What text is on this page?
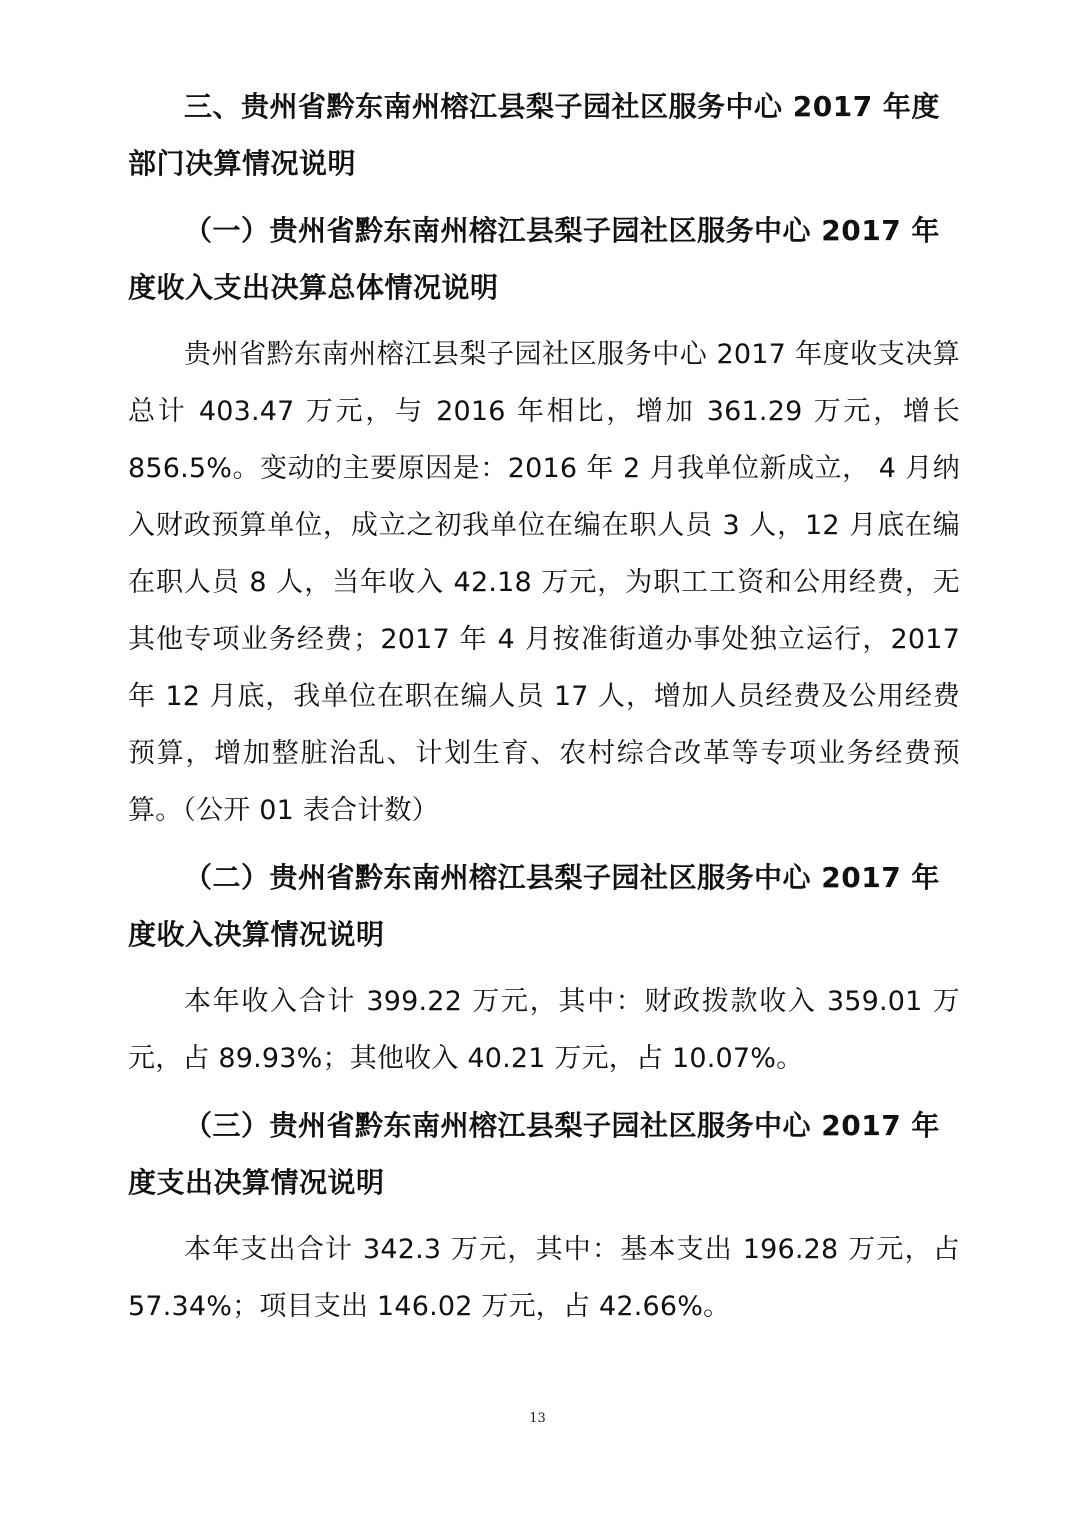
三、贵州省黔东南州榕江县梨子园社区服务中心 2017 年度部门决算情况说明

（一）贵州省黔东南州榕江县梨子园社区服务中心 2017 年度收入支出决算总体情况说明

贵州省黔东南州榕江县梨子园社区服务中心 2017 年度收支决算总计 403.47 万元，与 2016 年相比，增加 361.29 万元，增长 856.5%。变动的主要原因是：2016 年 2 月我单位新成立， 4 月纳入财政预算单位，成立之初我单位在编在职人员 3 人，12 月底在编在职人员 8 人，当年收入 42.18 万元，为职工工资和公用经费，无其他专项业务经费；2017 年 4 月按准街道办事处独立运行，2017 年 12 月底，我单位在职在编人员 17 人，增加人员经费及公用经费预算，增加整脏治乱、计划生育、农村综合改革等专项业务经费预算。（公开 01 表合计数）

（二）贵州省黔东南州榕江县梨子园社区服务中心 2017 年度收入决算情况说明

本年收入合计 399.22 万元，其中：财政拨款收入 359.01 万元，占 89.93%；其他收入 40.21 万元，占 10.07%。

（三）贵州省黔东南州榕江县梨子园社区服务中心 2017 年度支出决算情况说明

本年支出合计 342.3 万元，其中：基本支出 196.28 万元，占 57.34%；项目支出 146.02 万元，占 42.66%。

13
